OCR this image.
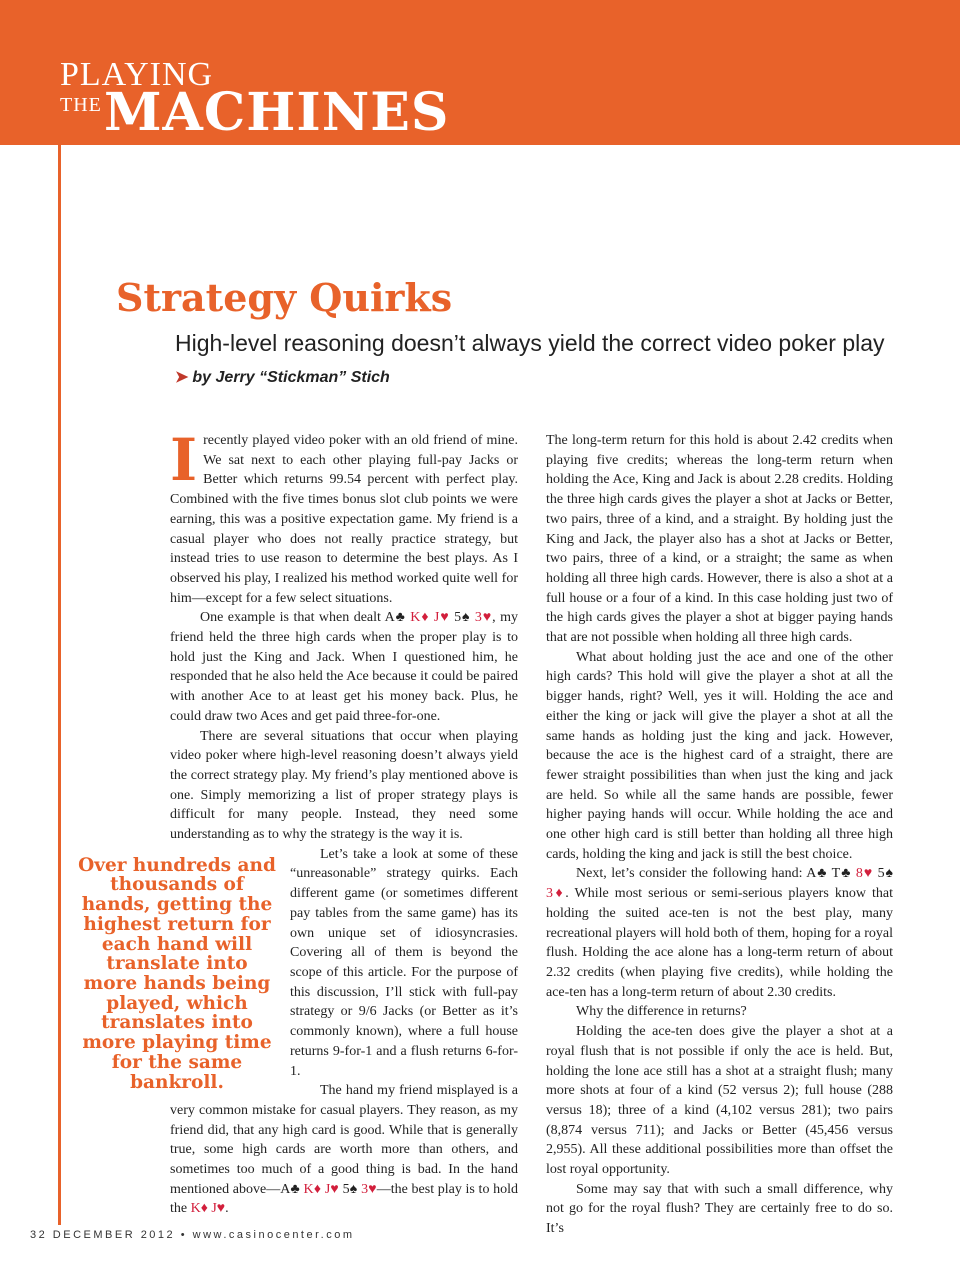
PLAYING
THE MACHINES
Strategy Quirks
High-level reasoning doesn’t always yield the correct video poker play
➤ by Jerry “Stickman” Stich

Irecently played video poker with an old friend of mine. We sat next to each other playing full-pay Jacks or Better which returns 99.54 percent with perfect play. Combined with the five times bonus slot club points we were earning, this was a positive expectation game. My friend is a casual player who does not really practice strategy, but instead tries to use reason to determine the best plays. As I observed his play, I realized his method worked quite well for him—except for a few select situations.

One example is that when dealt A♣ K♦ J♥ 5♠ 3♥, my friend held the three high cards when the proper play is to hold just the King and Jack. When I questioned him, he responded that he also held the Ace because it could be paired with another Ace to at least get his money back. Plus, he could draw two Aces and get paid three-for-one.

There are several situations that occur when playing video poker where high-level reasoning doesn’t always yield the correct strategy play. My friend’s play mentioned above is one. Simply memorizing a list of proper strategy plays is difficult for many people. Instead, they need some understanding as to why the strategy is the way it is.

Over hundreds and thousands of hands, getting the highest return for each hand will translate into more hands being played, which translates into more playing time for the same bankroll.

Let’s take a look at some of these “unreasonable” strategy quirks. Each different game (or sometimes different pay tables from the same game) has its own unique set of idiosyncrasies. Covering all of them is beyond the scope of this article. For the purpose of this discussion, I’ll stick with full-pay strategy or 9/6 Jacks (or Better as it’s commonly known), where a full house returns 9-for-1 and a flush returns 6-for-1.

The hand my friend misplayed is a very common mistake for casual players. They reason, as my friend did, that any high card is good. While that is generally true, some high cards are worth more than others, and sometimes too much of a good thing is bad. In the hand mentioned above—A♣ K♦ J♥ 5♠ 3♥—the best play is to hold the K♦ J♥.

The long-term return for this hold is about 2.42 credits when playing five credits; whereas the long-term return when holding the Ace, King and Jack is about 2.28 credits. Holding the three high cards gives the player a shot at Jacks or Better, two pairs, three of a kind, and a straight. By holding just the King and Jack, the player also has a shot at Jacks or Better, two pairs, three of a kind, or a straight; the same as when holding all three high cards. However, there is also a shot at a full house or a four of a kind. In this case holding just two of the high cards gives the player a shot at bigger paying hands that are not possible when holding all three high cards.

What about holding just the ace and one of the other high cards? This hold will give the player a shot at all the bigger hands, right? Well, yes it will. Holding the ace and either the king or jack will give the player a shot at all the same hands as holding just the king and jack. However, because the ace is the highest card of a straight, there are fewer straight possibilities than when just the king and jack are held. So while all the same hands are possible, fewer higher paying hands will occur. While holding the ace and one other high card is still better than holding all three high cards, holding the king and jack is still the best choice.

Next, let’s consider the following hand: A♣ T♣ 8♥ 5♠ 3♦. While most serious or semi-serious players know that holding the suited ace-ten is not the best play, many recreational players will hold both of them, hoping for a royal flush. Holding the ace alone has a long-term return of about 2.32 credits (when playing five credits), while holding the ace-ten has a long-term return of about 2.30 credits.

Why the difference in returns?

Holding the ace-ten does give the player a shot at a royal flush that is not possible if only the ace is held. But, holding the lone ace still has a shot at a straight flush; many more shots at four of a kind (52 versus 2); full house (288 versus 18); three of a kind (4,102 versus 281); two pairs (8,874 versus 711); and Jacks or Better (45,456 versus 2,955). All these additional possibilities more than offset the lost royal opportunity.

Some may say that with such a small difference, why not go for the royal flush? They are certainly free to do so. It’s

32 DECEMBER 2012 • www.casinocenter.com
